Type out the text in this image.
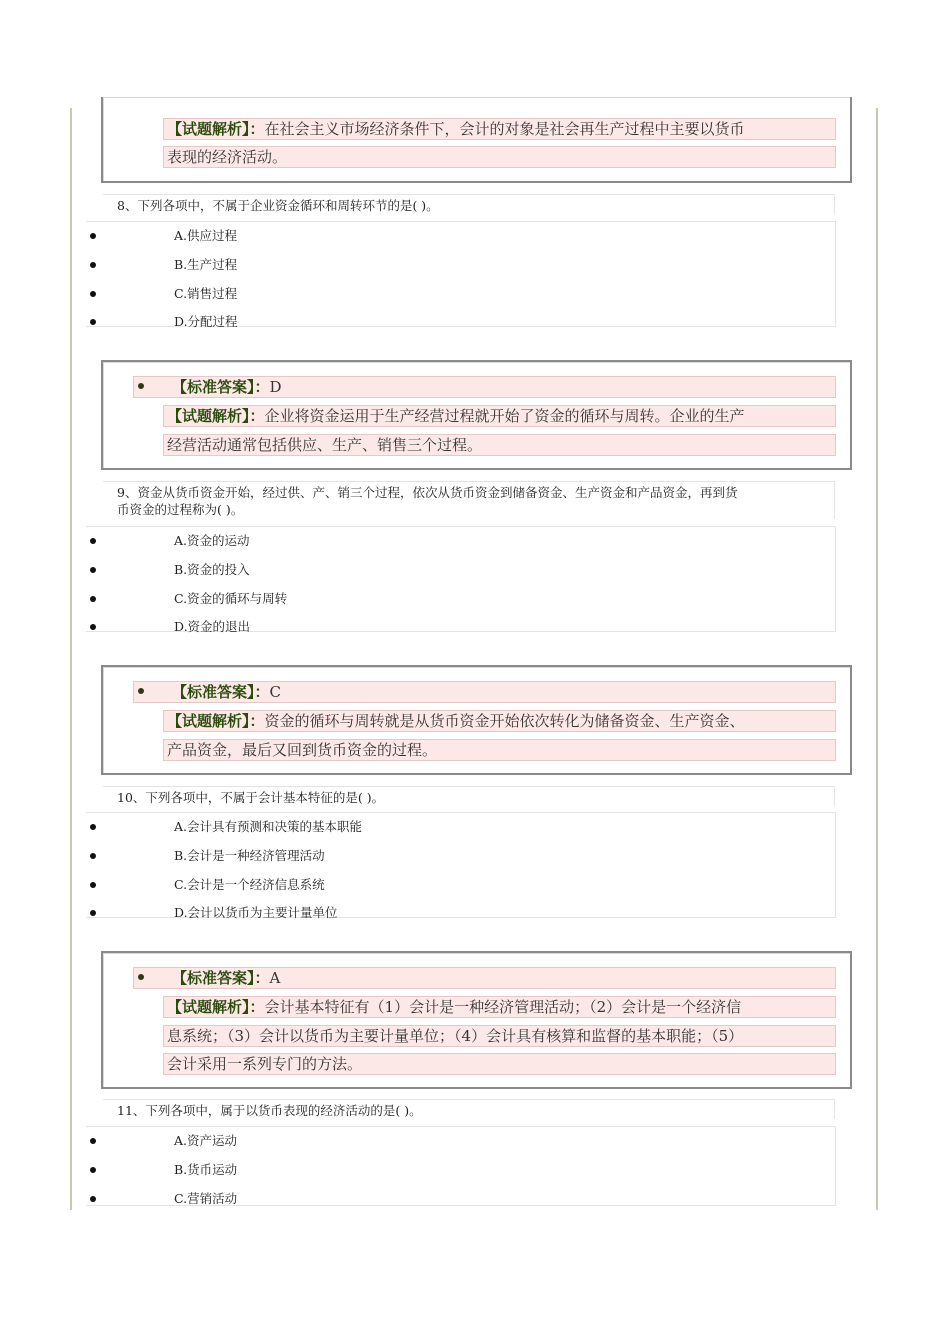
【试题解析】：在社会主义市场经济条件下，会计的对象是社会再生产过程中主要以货币
表现的经济活动。
8、下列各项中，不属于企业资金循环和周转环节的是( )。
A.供应过程
B.生产过程
C.销售过程
D.分配过程
【标准答案】：D
【试题解析】：企业将资金运用于生产经营过程就开始了资金的循环与周转。企业的生产
经营活动通常包括供应、生产、销售三个过程。
9、资金从货币资金开始，经过供、产、销三个过程，依次从货币资金到储备资金、生产资金和产品资金，再到货
币资金的过程称为( )。
A.资金的运动
B.资金的投入
C.资金的循环与周转
D.资金的退出
【标准答案】：C
【试题解析】：资金的循环与周转就是从货币资金开始依次转化为储备资金、生产资金、
产品资金，最后又回到货币资金的过程。
10、下列各项中，不属于会计基本特征的是( )。
A.会计具有预测和决策的基本职能
B.会计是一种经济管理活动
C.会计是一个经济信息系统
D.会计以货币为主要计量单位
【标准答案】：A
【试题解析】：会计基本特征有（1）会计是一种经济管理活动；（2）会计是一个经济信
息系统；（3）会计以货币为主要计量单位；（4）会计具有核算和监督的基本职能；（5）
会计采用一系列专门的方法。
11、下列各项中，属于以货币表现的经济活动的是( )。
A.资产运动
B.货币运动
C.营销活动
